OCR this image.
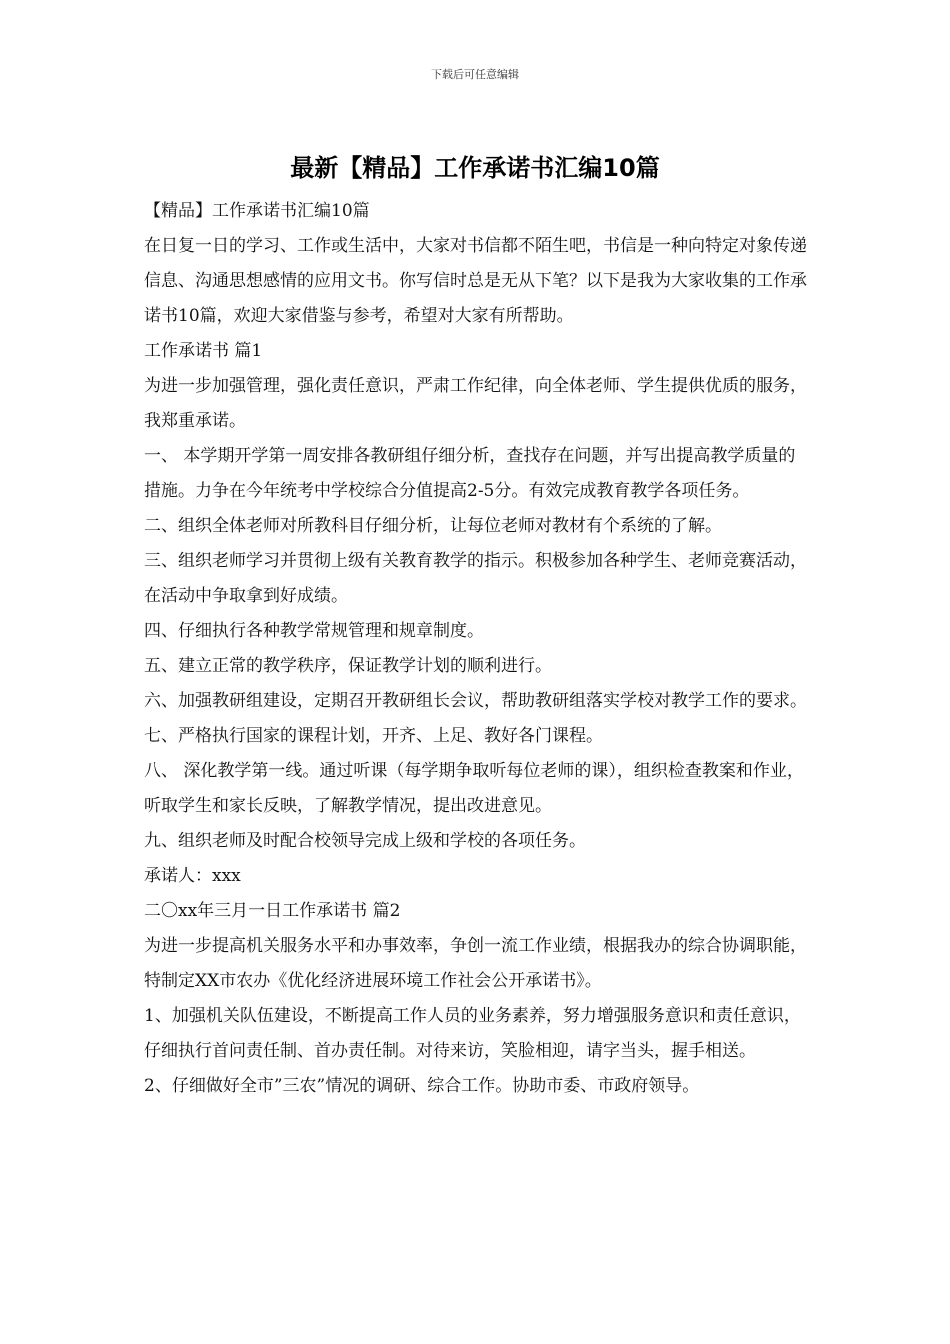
下载后可任意编辑
最新【精品】工作承诺书汇编10篇

【精品】工作承诺书汇编10篇

在日复一日的学习、工作或生活中，大家对书信都不陌生吧，书信是一种向特定对象传递信息、沟通思想感情的应用文书。你写信时总是无从下笔？以下是我为大家收集的工作承诺书10篇，欢迎大家借鉴与参考，希望对大家有所帮助。

工作承诺书 篇1

为进一步加强管理，强化责任意识，严肃工作纪律，向全体老师、学生提供优质的服务，我郑重承诺。

一、 本学期开学第一周安排各教研组仔细分析，查找存在问题，并写出提高教学质量的措施。力争在今年统考中学校综合分值提高2-5分。有效完成教育教学各项任务。

二、组织全体老师对所教科目仔细分析，让每位老师对教材有个系统的了解。

三、组织老师学习并贯彻上级有关教育教学的指示。积极参加各种学生、老师竞赛活动，在活动中争取拿到好成绩。

四、仔细执行各种教学常规管理和规章制度。

五、建立正常的教学秩序，保证教学计划的顺利进行。

六、加强教研组建设，定期召开教研组长会议，帮助教研组落实学校对教学工作的要求。

七、严格执行国家的课程计划，开齐、上足、教好各门课程。

八、 深化教学第一线。通过听课（每学期争取听每位老师的课），组织检查教案和作业，听取学生和家长反映，了解教学情况，提出改进意见。

九、组织老师及时配合校领导完成上级和学校的各项任务。

承诺人：xxx

二〇xx年三月一日工作承诺书 篇2

为进一步提高机关服务水平和办事效率，争创一流工作业绩，根据我办的综合协调职能，特制定XX市农办《优化经济进展环境工作社会公开承诺书》。

1、加强机关队伍建设，不断提高工作人员的业务素养，努力增强服务意识和责任意识，仔细执行首问责任制、首办责任制。对待来访，笑脸相迎，请字当头，握手相送。

2、仔细做好全市”三农”情况的调研、综合工作。协助市委、市政府领导。
